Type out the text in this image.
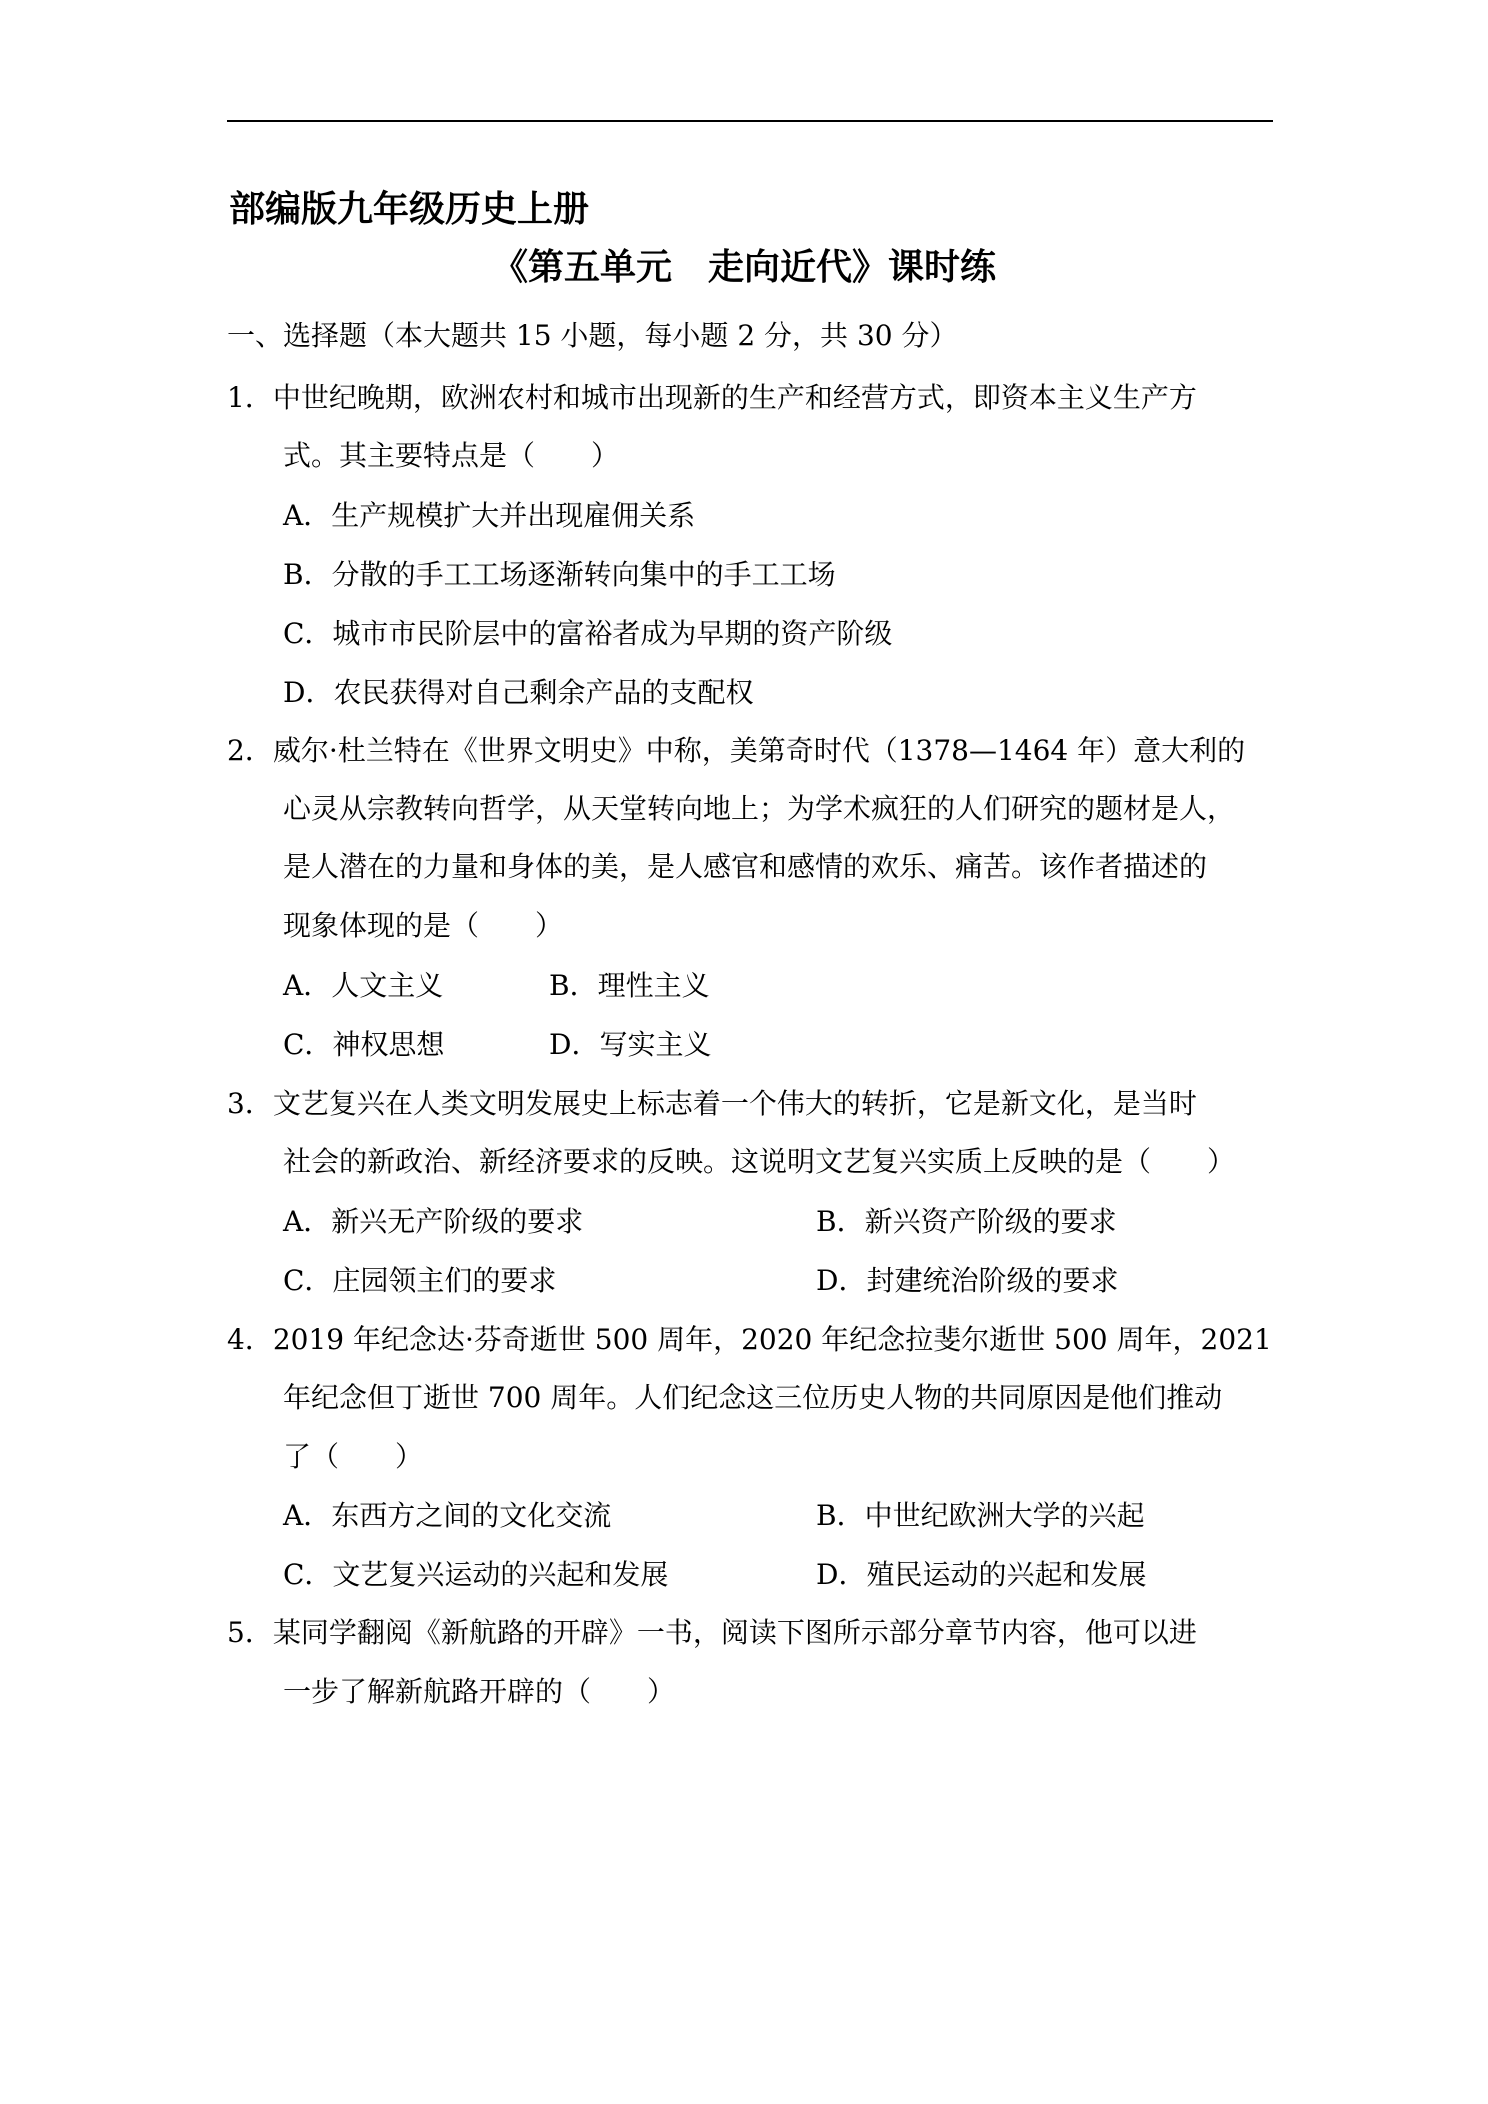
部编版九年级历史上册
《第五单元　走向近代》课时练
一、选择题（本大题共 15 小题，每小题 2 分，共 30 分）
1．中世纪晚期，欧洲农村和城市出现新的生产和经营方式，即资本主义生产方
式。其主要特点是（　　）
A．生产规模扩大并出现雇佣关系
B．分散的手工工场逐渐转向集中的手工工场
C．城市市民阶层中的富裕者成为早期的资产阶级
D．农民获得对自己剩余产品的支配权
2．威尔·杜兰特在《世界文明史》中称，美第奇时代（1378—1464 年）意大利的
心灵从宗教转向哲学，从天堂转向地上；为学术疯狂的人们研究的题材是人，
是人潜在的力量和身体的美，是人感官和感情的欢乐、痛苦。该作者描述的
现象体现的是（　　）
A．人文主义	B．理性主义
C．神权思想	D．写实主义
3．文艺复兴在人类文明发展史上标志着一个伟大的转折，它是新文化，是当时
社会的新政治、新经济要求的反映。这说明文艺复兴实质上反映的是（　　）
A．新兴无产阶级的要求	B．新兴资产阶级的要求
C．庄园领主们的要求	D．封建统治阶级的要求
4．2019 年纪念达·芬奇逝世 500 周年，2020 年纪念拉斐尔逝世 500 周年，2021
年纪念但丁逝世 700 周年。人们纪念这三位历史人物的共同原因是他们推动
了（　　）
A．东西方之间的文化交流	B．中世纪欧洲大学的兴起
C．文艺复兴运动的兴起和发展	D．殖民运动的兴起和发展
5．某同学翻阅《新航路的开辟》一书，阅读下图所示部分章节内容，他可以进
一步了解新航路开辟的（　　）
